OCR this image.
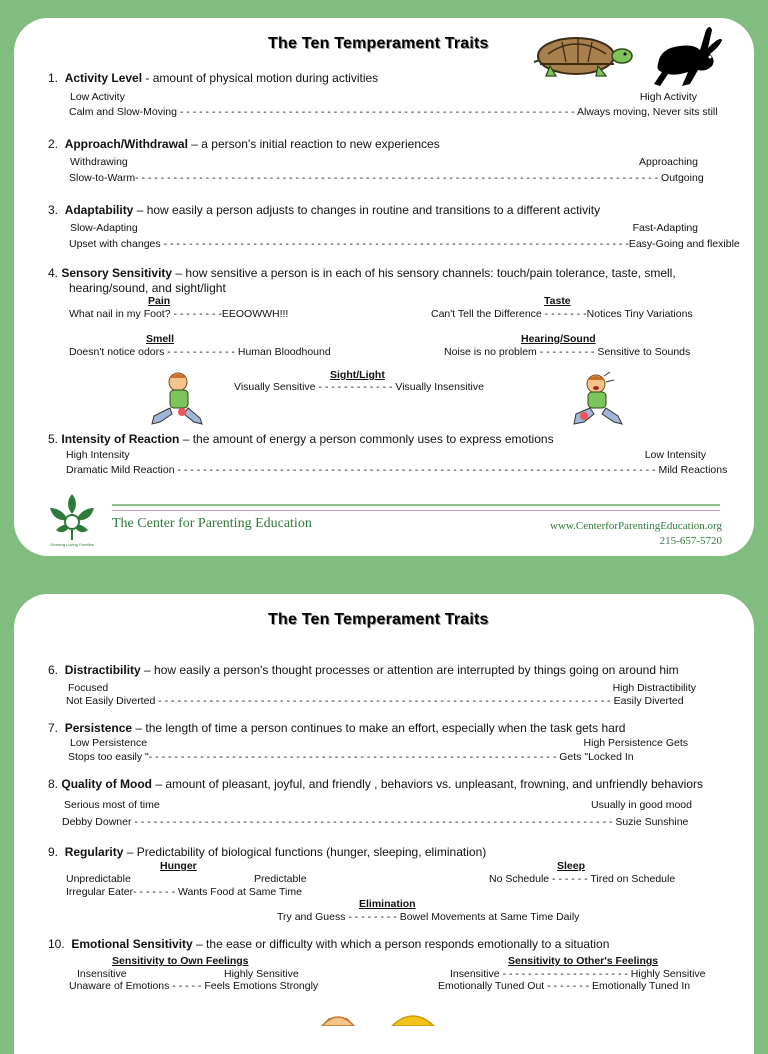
The Ten Temperament Traits
1. Activity Level - amount of physical motion during activities
Low Activity	High Activity
Calm and Slow-Moving - - - - - - - - - - - - - - - - - - - - - - - - - - - - - - - - - - - - - - - - - - - - - - - - - - - - - - - - - - - - - - Always moving, Never sits still
2. Approach/Withdrawal – a person's initial reaction to new experiences
Withdrawing	Approaching
Slow-to-Warm- - - - - - - - - - - - - - - - - - - - - - - - - - - - - - - - - - - - - - - - - - - - - - - - - - - - - - - - - - - - - - - - - - - - - - - - - - - - - - - - - - Outgoing
3. Adaptability – how easily a person adjusts to changes in routine and transitions to a different activity
Slow-Adapting	Fast-Adapting
Upset with changes - - - - - - - - - - - - - - - - - - - - - - - - - - - - - - - - - - - - - - - - - - - - - - - - - - - - - - - - - - - - - - - - - - - - - - - - -Easy-Going and flexible
4. Sensory Sensitivity – how sensitive a person is in each of his sensory channels: touch/pain tolerance, taste, smell,
hearing/sound, and sight/light
Pain
What nail in my Foot? - - - - - - - -EEOOWWH!!!
Taste
Can't Tell the Difference - - - - - - -Notices Tiny Variations
Smell
Doesn't notice odors - - - - - - - - - - - Human Bloodhound
Hearing/Sound
Noise is no problem - - - - - - - - - Sensitive to Sounds
Sight/Light
Visually Sensitive - - - - - - - - - - - - Visually Insensitive
5. Intensity of Reaction – the amount of energy a person commonly uses to express emotions
High Intensity	Low Intensity
Dramatic Mild Reaction - - - - - - - - - - - - - - - - - - - - - - - - - - - - - - - - - - - - - - - - - - - - - - - - - - - - - - - - - - - - - - - - - - - - - - - - - - - Mild Reactions
Growing Loving Families
The Center for Parenting Education	www.CenterforParentingEducation.org
215-657-5720
The Ten Temperament Traits
6. Distractibility – how easily a person's thought processes or attention are interrupted by things going on around him
Focused	High Distractibility
Not Easily Diverted - - - - - - - - - - - - - - - - - - - - - - - - - - - - - - - - - - - - - - - - - - - - - - - - - - - - - - - - - - - - - - - - - - - - - - - Easily Diverted
7. Persistence – the length of time a person continues to make an effort, especially when the task gets hard
Low Persistence	High Persistence Gets
Stops too easily "- - - - - - - - - - - - - - - - - - - - - - - - - - - - - - - - - - - - - - - - - - - - - - - - - - - - - - - - - - - - - - - - Gets "Locked In
8. Quality of Mood – amount of pleasant, joyful, and friendly , behaviors vs. unpleasant, frowning, and unfriendly behaviors
Serious most of time	Usually in good mood
Debby Downer - - - - - - - - - - - - - - - - - - - - - - - - - - - - - - - - - - - - - - - - - - - - - - - - - - - - - - - - - - - - - - - - - - - - - - - - - - - Suzie Sunshine
9. Regularity – Predictability of biological functions (hunger, sleeping, elimination)
Hunger
Unpredictable	Predictable
Irregular Eater- - - - - - - Wants Food at Same Time
Sleep
No Schedule - - - - - - Tired on Schedule
Elimination
Try and Guess - - - - - - - - Bowel Movements at Same Time Daily
10. Emotional Sensitivity – the ease or difficulty with which a person responds emotionally to a situation
Sensitivity to Own Feelings
Insensitive	Highly Sensitive
Unaware of Emotions - - - - - Feels Emotions Strongly
Sensitivity to Other's Feelings
Insensitive - - - - - - - - - - - - - - - - - - - - Highly Sensitive
Emotionally Tuned Out - - - - - - - Emotionally Tuned In
